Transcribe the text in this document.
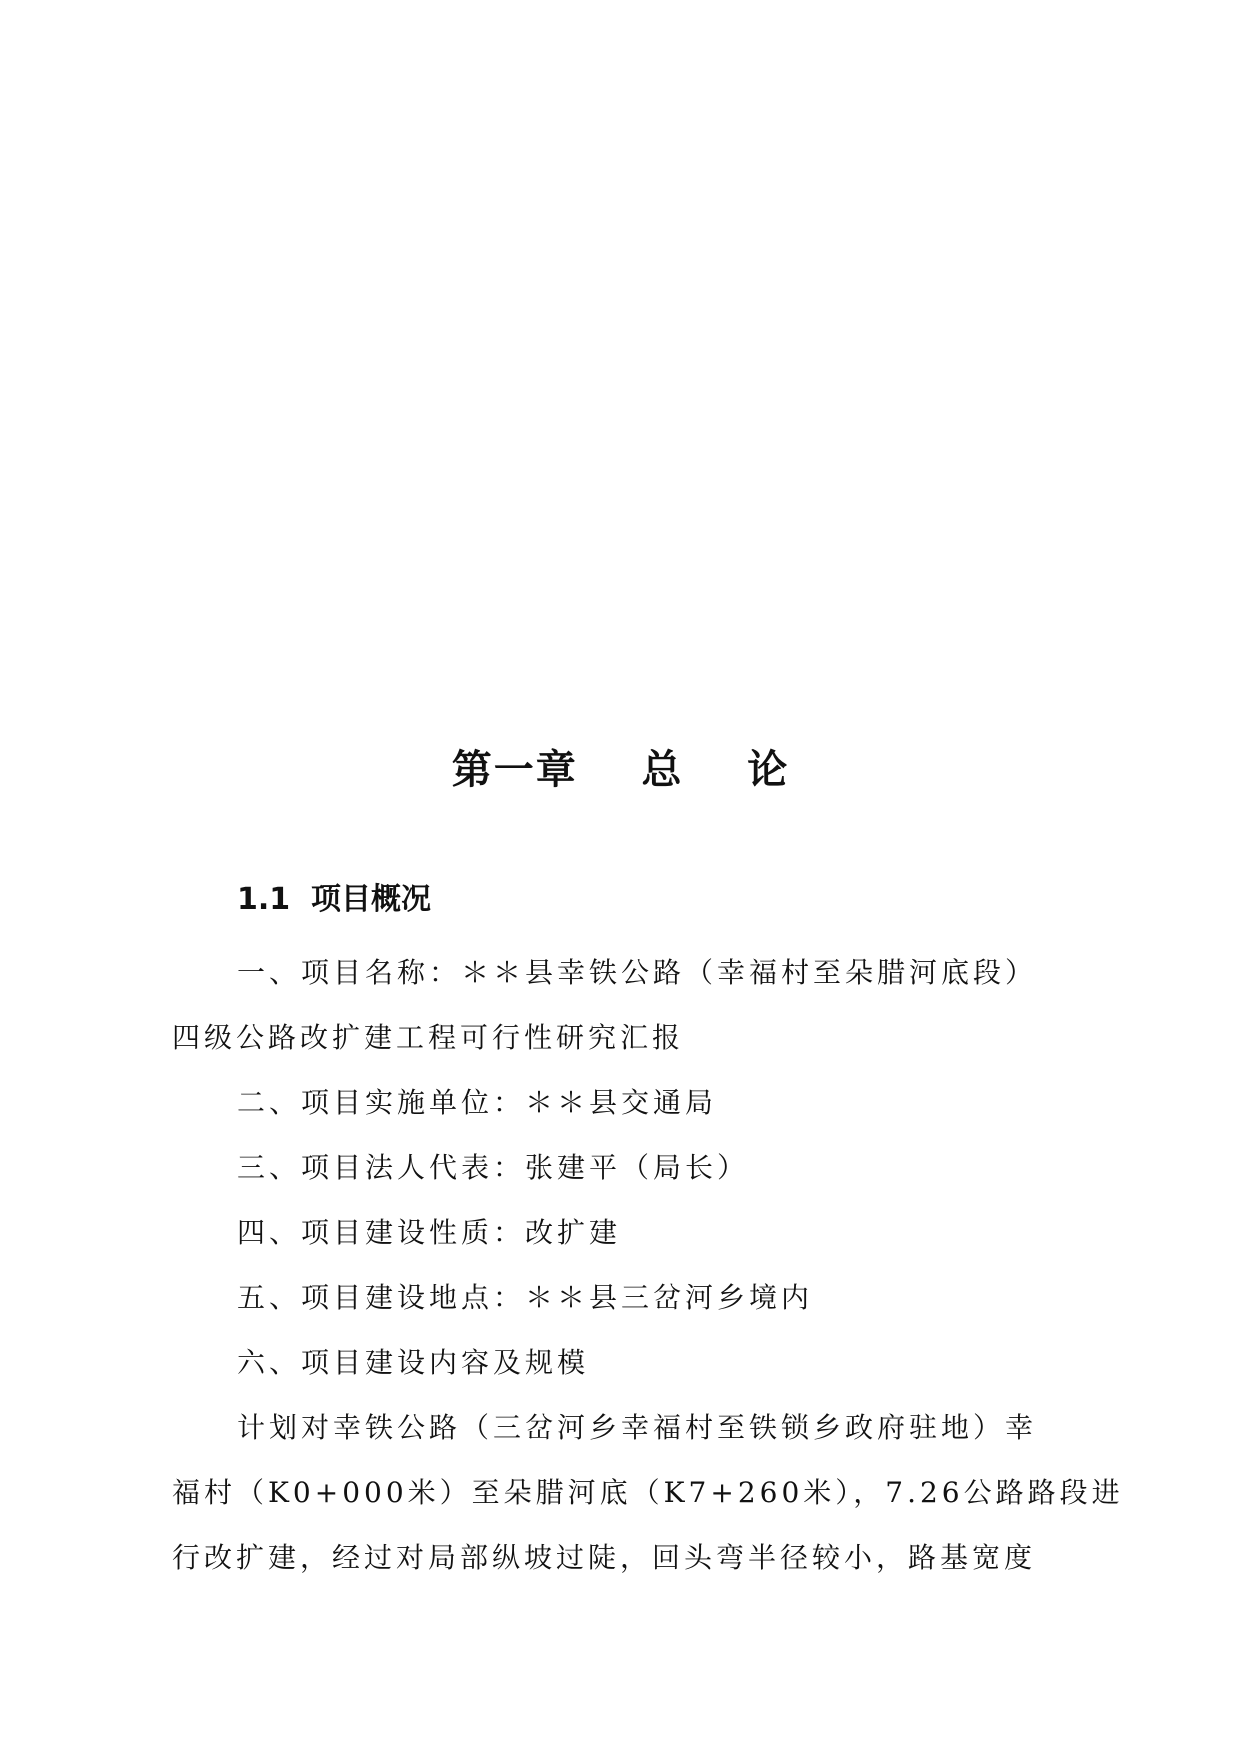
第一章    总    论
1.1  项目概况
一、项目名称：＊＊县幸铁公路（幸福村至朵腊河底段）
四级公路改扩建工程可行性研究汇报
二、项目实施单位：＊＊县交通局
三、项目法人代表：张建平（局长）
四、项目建设性质：改扩建
五、项目建设地点：＊＊县三岔河乡境内
六、项目建设内容及规模
计划对幸铁公路（三岔河乡幸福村至铁锁乡政府驻地）幸
福村（K0+000米）至朵腊河底（K7+260米），7.26公路路段进
行改扩建，经过对局部纵坡过陡，回头弯半径较小，路基宽度
